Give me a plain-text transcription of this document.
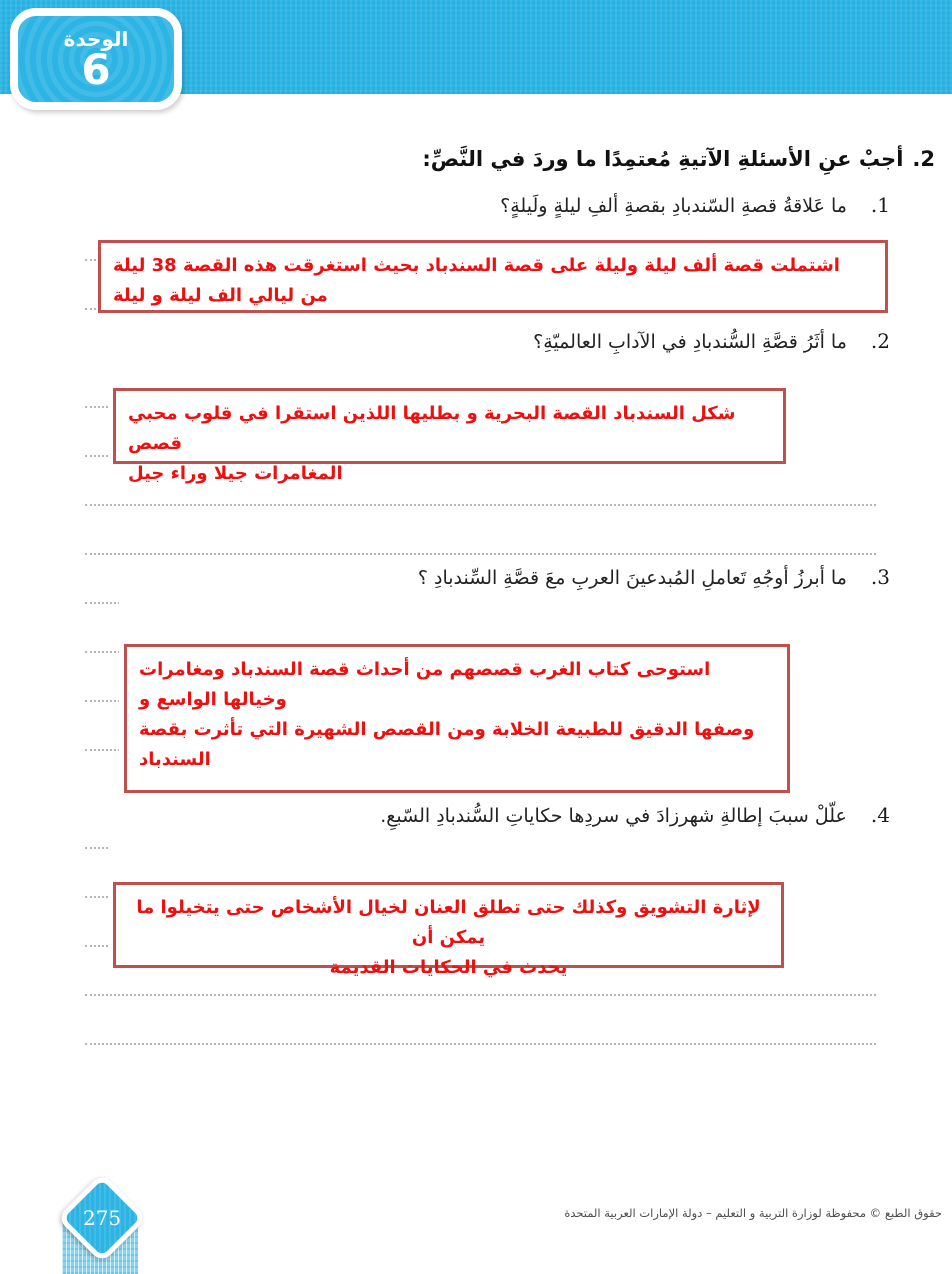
الوحدة
6
2.
أجبْ عنِ الأسئلةِ الآتيةِ مُعتمِدًا ما وردَ في النَّصِّ:
1.
ما عَلاقةُ قصةِ السّندبادِ بقصةِ ألفِ ليلةٍ ولَيلةٍ؟
اشتملت قصة ألف ليلة وليلة على قصة السندباد بحيث استغرقت هذه القصة 38 ليلة
من ليالي الف ليلة و ليلة
2.
ما أثَرُ قصَّةِ السُّندبادِ في الآدابِ العالميّةِ؟
شكل السندباد القصة البحرية و بطليها اللذين استقرا في قلوب محبي قصص
المغامرات جيلا وراء جيل
3.
ما أبرزُ أوجُهِ تَعاملِ المُبدعينَ العربِ معَ قصَّةِ السِّندبادِ ؟
استوحى كتاب الغرب قصصهم من أحداث قصة السندباد ومغامرات وخيالها الواسع و
وصفها الدقيق للطبيعة الخلابة ومن القصص الشهيرة التي تأثرت بقصة السندباد
4.
علّلْ سببَ إطالةِ شهرزادَ في سردِها حكاياتِ السُّندبادِ السّبعِ.
لإثارة التشويق وكذلك حتى تطلق العنان لخيال الأشخاص حتى يتخيلوا ما يمكن أن
يحدث في الحكايات القديمة
275	حقوق الطبع © محفوظة لوزارة التربية و التعليم – دولة الإمارات العربية المتحدة
